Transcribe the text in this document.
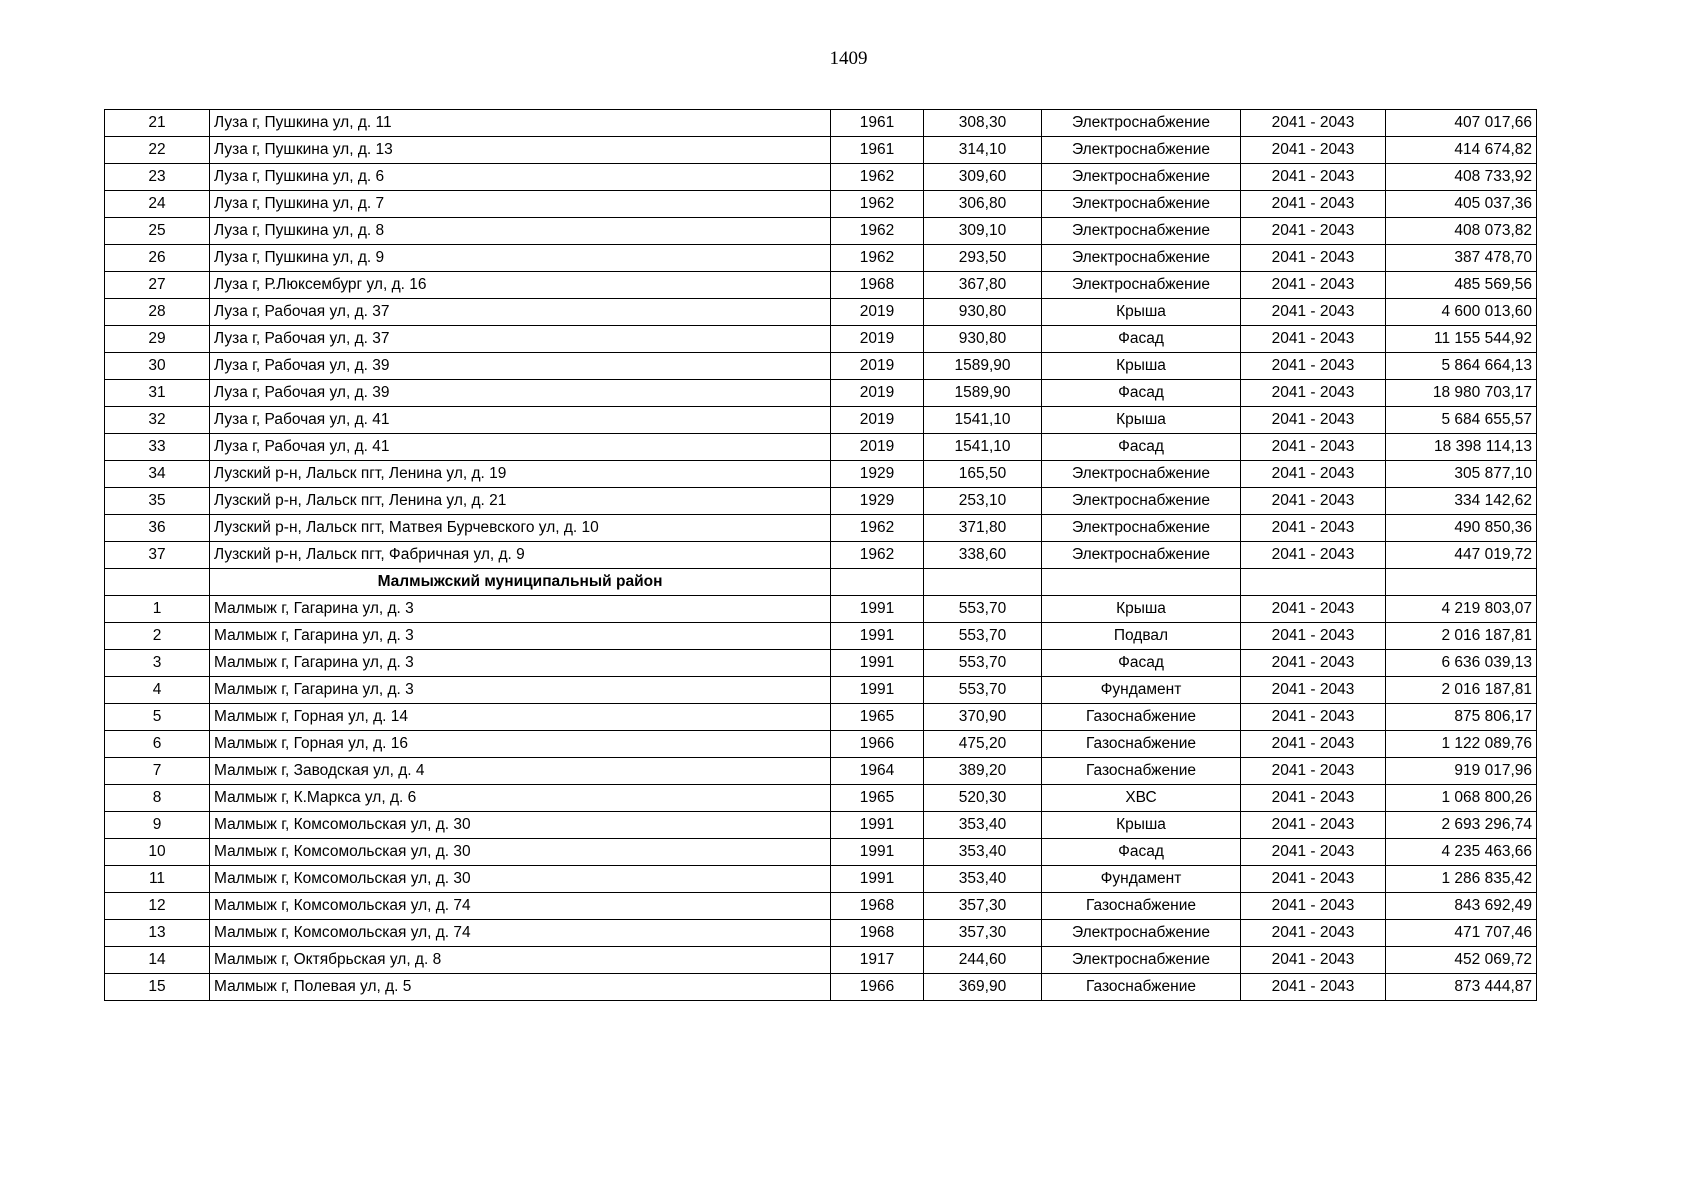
1409
21	Луза г, Пушкина ул, д. 11	1961	308,30	Электроснабжение	2041 - 2043	407 017,66
22	Луза г, Пушкина ул, д. 13	1961	314,10	Электроснабжение	2041 - 2043	414 674,82
23	Луза г, Пушкина ул, д. 6	1962	309,60	Электроснабжение	2041 - 2043	408 733,92
24	Луза г, Пушкина ул, д. 7	1962	306,80	Электроснабжение	2041 - 2043	405 037,36
25	Луза г, Пушкина ул, д. 8	1962	309,10	Электроснабжение	2041 - 2043	408 073,82
26	Луза г, Пушкина ул, д. 9	1962	293,50	Электроснабжение	2041 - 2043	387 478,70
27	Луза г, Р.Люксембург ул, д. 16	1968	367,80	Электроснабжение	2041 - 2043	485 569,56
28	Луза г, Рабочая ул, д. 37	2019	930,80	Крыша	2041 - 2043	4 600 013,60
29	Луза г, Рабочая ул, д. 37	2019	930,80	Фасад	2041 - 2043	11 155 544,92
30	Луза г, Рабочая ул, д. 39	2019	1589,90	Крыша	2041 - 2043	5 864 664,13
31	Луза г, Рабочая ул, д. 39	2019	1589,90	Фасад	2041 - 2043	18 980 703,17
32	Луза г, Рабочая ул, д. 41	2019	1541,10	Крыша	2041 - 2043	5 684 655,57
33	Луза г, Рабочая ул, д. 41	2019	1541,10	Фасад	2041 - 2043	18 398 114,13
34	Лузский р-н, Лальск пгт, Ленина ул, д. 19	1929	165,50	Электроснабжение	2041 - 2043	305 877,10
35	Лузский р-н, Лальск пгт, Ленина ул, д. 21	1929	253,10	Электроснабжение	2041 - 2043	334 142,62
36	Лузский р-н, Лальск пгт, Матвея Бурчевского ул, д. 10	1962	371,80	Электроснабжение	2041 - 2043	490 850,36
37	Лузский р-н, Лальск пгт, Фабричная ул, д. 9	1962	338,60	Электроснабжение	2041 - 2043	447 019,72
	Малмыжский муниципальный район					
1	Малмыж г, Гагарина ул, д. 3	1991	553,70	Крыша	2041 - 2043	4 219 803,07
2	Малмыж г, Гагарина ул, д. 3	1991	553,70	Подвал	2041 - 2043	2 016 187,81
3	Малмыж г, Гагарина ул, д. 3	1991	553,70	Фасад	2041 - 2043	6 636 039,13
4	Малмыж г, Гагарина ул, д. 3	1991	553,70	Фундамент	2041 - 2043	2 016 187,81
5	Малмыж г, Горная ул, д. 14	1965	370,90	Газоснабжение	2041 - 2043	875 806,17
6	Малмыж г, Горная ул, д. 16	1966	475,20	Газоснабжение	2041 - 2043	1 122 089,76
7	Малмыж г, Заводская ул, д. 4	1964	389,20	Газоснабжение	2041 - 2043	919 017,96
8	Малмыж г, К.Маркса ул, д. 6	1965	520,30	ХВС	2041 - 2043	1 068 800,26
9	Малмыж г, Комсомольская ул, д. 30	1991	353,40	Крыша	2041 - 2043	2 693 296,74
10	Малмыж г, Комсомольская ул, д. 30	1991	353,40	Фасад	2041 - 2043	4 235 463,66
11	Малмыж г, Комсомольская ул, д. 30	1991	353,40	Фундамент	2041 - 2043	1 286 835,42
12	Малмыж г, Комсомольская ул, д. 74	1968	357,30	Газоснабжение	2041 - 2043	843 692,49
13	Малмыж г, Комсомольская ул, д. 74	1968	357,30	Электроснабжение	2041 - 2043	471 707,46
14	Малмыж г, Октябрьская ул, д. 8	1917	244,60	Электроснабжение	2041 - 2043	452 069,72
15	Малмыж г, Полевая ул, д. 5	1966	369,90	Газоснабжение	2041 - 2043	873 444,87
